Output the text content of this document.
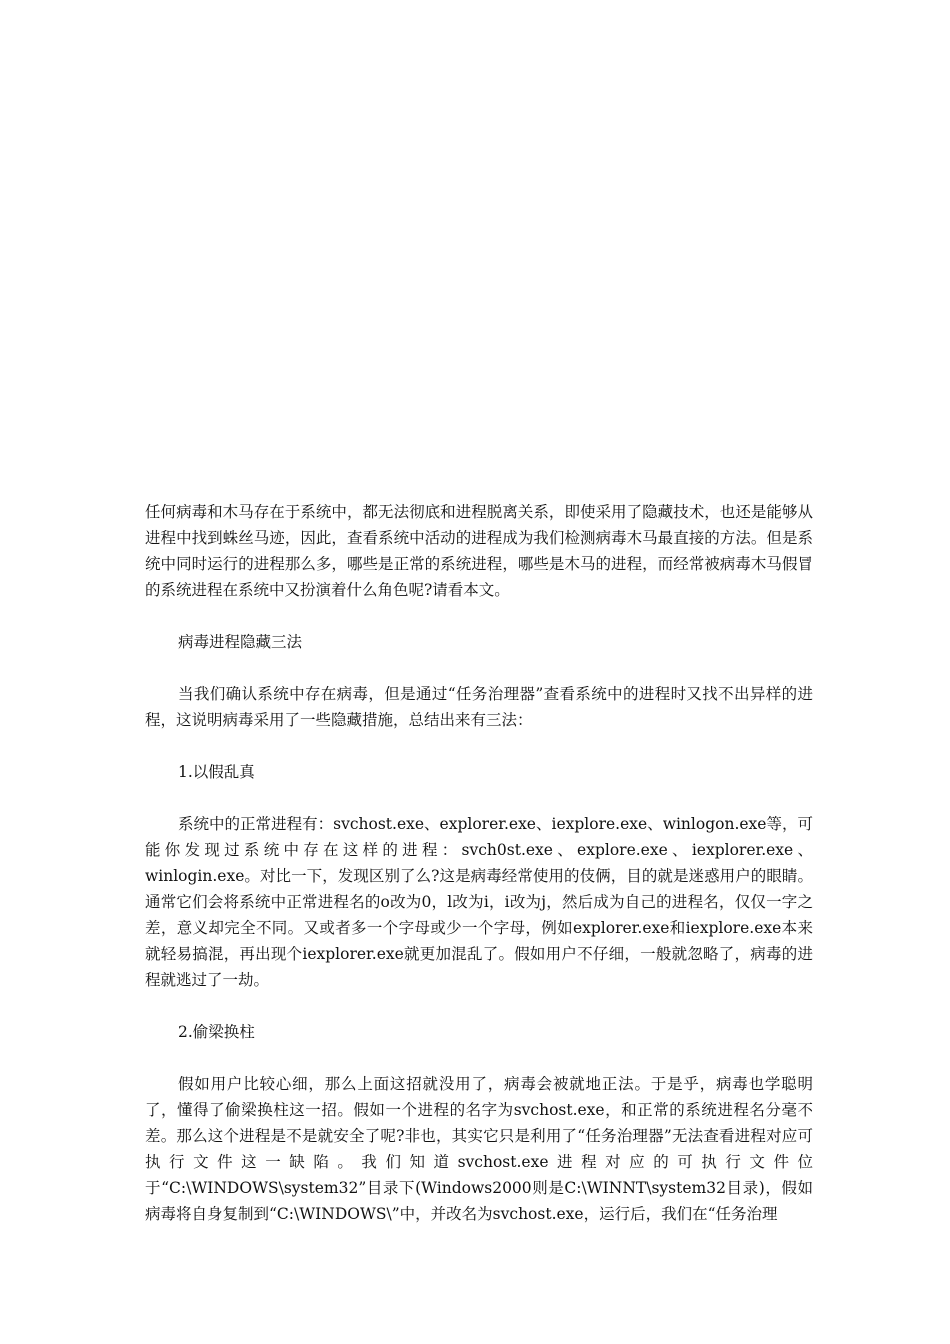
任何病毒和木马存在于系统中，都无法彻底和进程脱离关系，即使采用了隐藏技术，也还是能够从进程中找到蛛丝马迹，因此，查看系统中活动的进程成为我们检测病毒木马最直接的方法。但是系统中同时运行的进程那么多，哪些是正常的系统进程，哪些是木马的进程，而经常被病毒木马假冒的系统进程在系统中又扮演着什么角色呢?请看本文。

病毒进程隐藏三法

当我们确认系统中存在病毒，但是通过“任务治理器”查看系统中的进程时又找不出异样的进程，这说明病毒采用了一些隐藏措施，总结出来有三法：

1.以假乱真

系统中的正常进程有：svchost.exe、explorer.exe、iexplore.exe、winlogon.exe等，可能你发现过系统中存在这样的进程：svch0st.exe、explore.exe、iexplorer.exe、winlogin.exe。对比一下，发现区别了么?这是病毒经常使用的伎俩，目的就是迷惑用户的眼睛。通常它们会将系统中正常进程名的o改为0，l改为i，i改为j，然后成为自己的进程名，仅仅一字之差，意义却完全不同。又或者多一个字母或少一个字母，例如explorer.exe和iexplore.exe本来就轻易搞混，再出现个iexplorer.exe就更加混乱了。假如用户不仔细，一般就忽略了，病毒的进程就逃过了一劫。

2.偷梁换柱

假如用户比较心细，那么上面这招就没用了，病毒会被就地正法。于是乎，病毒也学聪明了，懂得了偷梁换柱这一招。假如一个进程的名字为svchost.exe，和正常的系统进程名分毫不差。那么这个进程是不是就安全了呢?非也，其实它只是利用了“任务治理器”无法查看进程对应可执行文件这一缺陷。我们知道svchost.exe进程对应的可执行文件位于“C:\WINDOWS\system32”目录下(Windows2000则是C:\WINNT\system32目录)，假如病毒将自身复制到“C:\WINDOWS\”中，并改名为svchost.exe，运行后，我们在“任务治理
